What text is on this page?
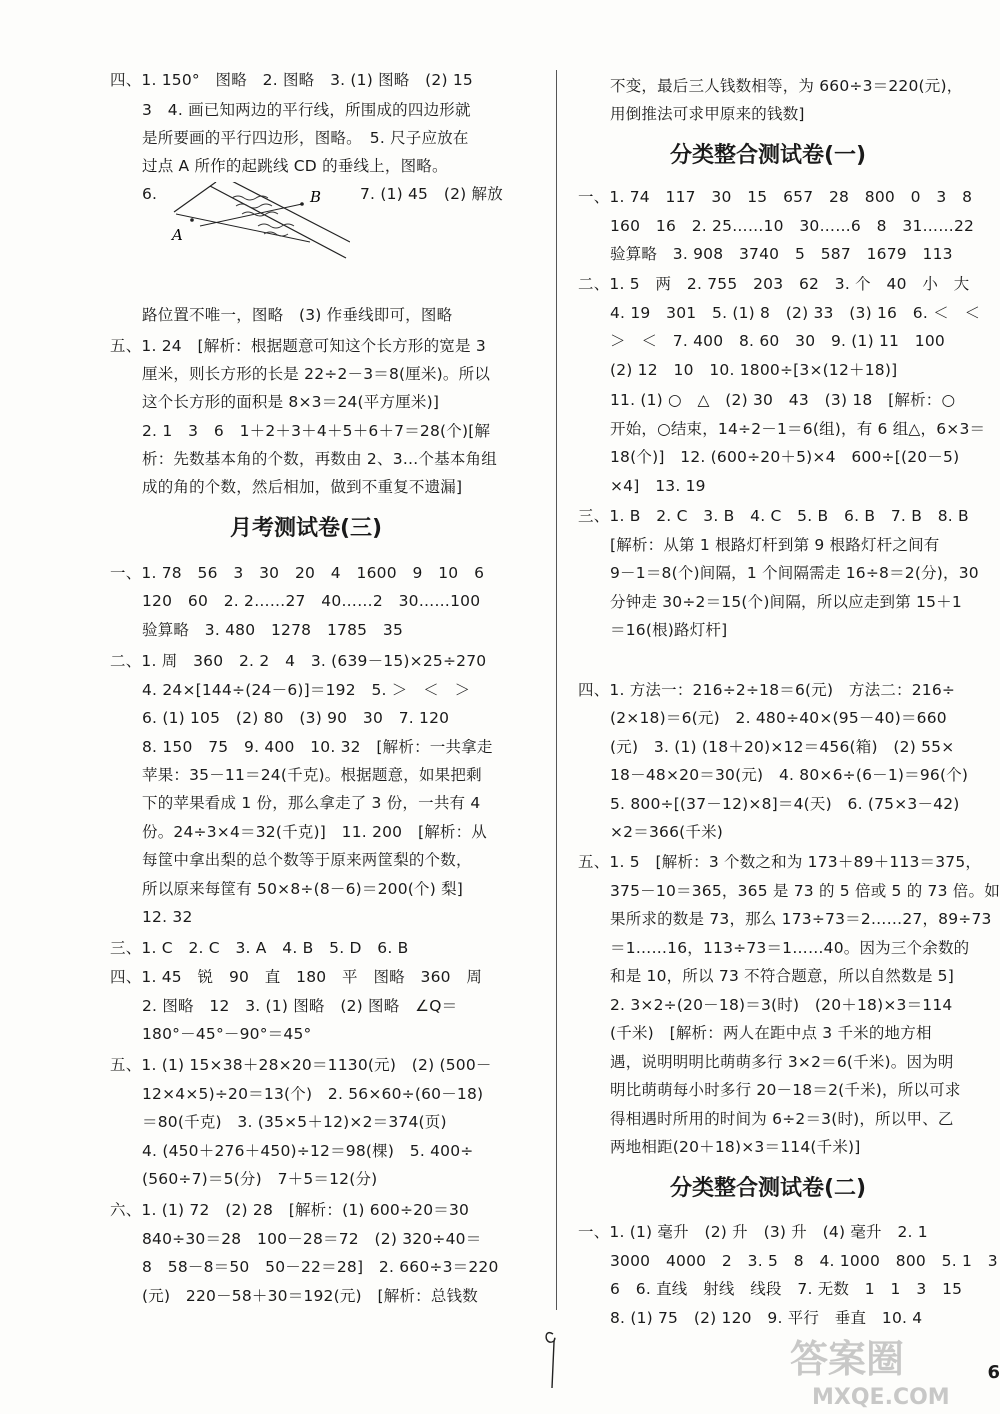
四、1. 150°　图略　2. 图略　3. (1) 图略　(2) 15
3　4. 画已知两边的平行线，所围成的四边形就
是所要画的平行四边形，图略。　5. 尺子应放在
过点 A 所作的起跳线 CD 的垂线上，图略。
6.	7. (1) 45　(2) 解放
路位置不唯一，图略　(3) 作垂线即可，图略
五、1. 24　[解析：根据题意可知这个长方形的宽是 3
厘米，则长方形的长是 22÷2－3＝8(厘米)。所以
这个长方形的面积是 8×3＝24(平方厘米)]
2. 1　3　6　1＋2＋3＋4＋5＋6＋7＝28(个)[解
析：先数基本角的个数，再数由 2、3…个基本角组
成的角的个数，然后相加，做到不重复不遗漏]
月考测试卷(三)
一、1. 78　56　3　30　20　4　1600　9　10　6
120　60　2. 2……27　40……2　30……100
验算略　3. 480　1278　1785　35
二、1. 周　360　2. 2　4　3. (639－15)×25÷270
4. 24×[144÷(24－6)]＝192　5. ＞　＜　＞
6. (1) 105　(2) 80　(3) 90　30　7. 120
8. 150　75　9. 400　10. 32　[解析：一共拿走
苹果：35－11＝24(千克)。根据题意，如果把剩
下的苹果看成 1 份，那么拿走了 3 份，一共有 4
份。24÷3×4＝32(千克)]　11. 200　[解析：从
每筐中拿出梨的总个数等于原来两筐梨的个数，
所以原来每筐有 50×8÷(8－6)＝200(个) 梨]
12. 32
三、1. C　2. C　3. A　4. B　5. D　6. B
四、1. 45　锐　90　直　180　平　图略　360　周
2. 图略　12　3. (1) 图略　(2) 图略　∠Q＝
180°－45°－90°＝45°
五、1. (1) 15×38＋28×20＝1130(元)　(2) (500－
12×4×5)÷20＝13(个)　2. 56×60÷(60－18)
＝80(千克)　3. (35×5＋12)×2＝374(页)
4. (450＋276＋450)÷12＝98(棵)　5. 400÷
(560÷7)＝5(分)　7＋5＝12(分)
六、1. (1) 72　(2) 28　[解析：(1) 600÷20＝30
840÷30＝28　100－28＝72　(2) 320÷40＝
8　58－8＝50　50－22＝28]　2. 660÷3＝220
(元)　220－58＋30＝192(元)　[解析：总钱数
A
B
不变，最后三人钱数相等，为 660÷3＝220(元)，
用倒推法可求甲原来的钱数]
分类整合测试卷(一)
一、1. 74　117　30　15　657　28　800　0　3　8
160　16　2. 25……10　30……6　8　31……22
验算略　3. 908　3740　5　587　1679　113
二、1. 5　两　2. 755　203　62　3. 个　40　小　大
4. 19　301　5. (1) 8　(2) 33　(3) 16　6. ＜　＜
＞　＜　7. 400　8. 60　30　9. (1) 11　100
(2) 12　10　10. 1800÷[3×(12＋18)]
11. (1) ○　△　(2) 30　43　(3) 18　[解析：○
开始，○结束，14÷2－1＝6(组)，有 6 组△，6×3＝
18(个)]　12. (600÷20＋5)×4　600÷[(20－5)
×4]　13. 19
三、1. B　2. C　3. B　4. C　5. B　6. B　7. B　8. B
[解析：从第 1 根路灯杆到第 9 根路灯杆之间有
9－1＝8(个)间隔，1 个间隔需走 16÷8＝2(分)，30
分钟走 30÷2＝15(个)间隔，所以应走到第 15＋1
＝16(根)路灯杆]
四、1. 方法一：216÷2÷18＝6(元)　方法二：216÷
(2×18)＝6(元)　2. 480÷40×(95－40)＝660
(元)　3. (1) (18＋20)×12＝456(箱)　(2) 55×
18－48×20＝30(元)　4. 80×6÷(6－1)＝96(个)
5. 800÷[(37－12)×8]＝4(天)　6. (75×3－42)
×2＝366(千米)
五、1. 5　[解析：3 个数之和为 173＋89＋113＝375，
375－10＝365，365 是 73 的 5 倍或 5 的 73 倍。如
果所求的数是 73，那么 173÷73＝2……27，89÷73
＝1……16，113÷73＝1……40。因为三个余数的
和是 10，所以 73 不符合题意，所以自然数是 5]
2. 3×2÷(20－18)＝3(时)　(20＋18)×3＝114
(千米)　[解析：两人在距中点 3 千米的地方相
遇，说明明明比萌萌多行 3×2＝6(千米)。因为明
明比萌萌每小时多行 20－18＝2(千米)，所以可求
得相遇时所用的时间为 6÷2＝3(时)，所以甲、乙
两地相距(20＋18)×3＝114(千米)]
分类整合测试卷(二)
一、1. (1) 毫升　(2) 升　(3) 升　(4) 毫升　2. 1
3000　4000　2　3. 5　8　4. 1000　800　5. 1　3
6　6. 直线　射线　线段　7. 无数　1　1　3　15
8. (1) 75　(2) 120　9. 平行　垂直　10. 4
6
答案圈
MXQE.COM
